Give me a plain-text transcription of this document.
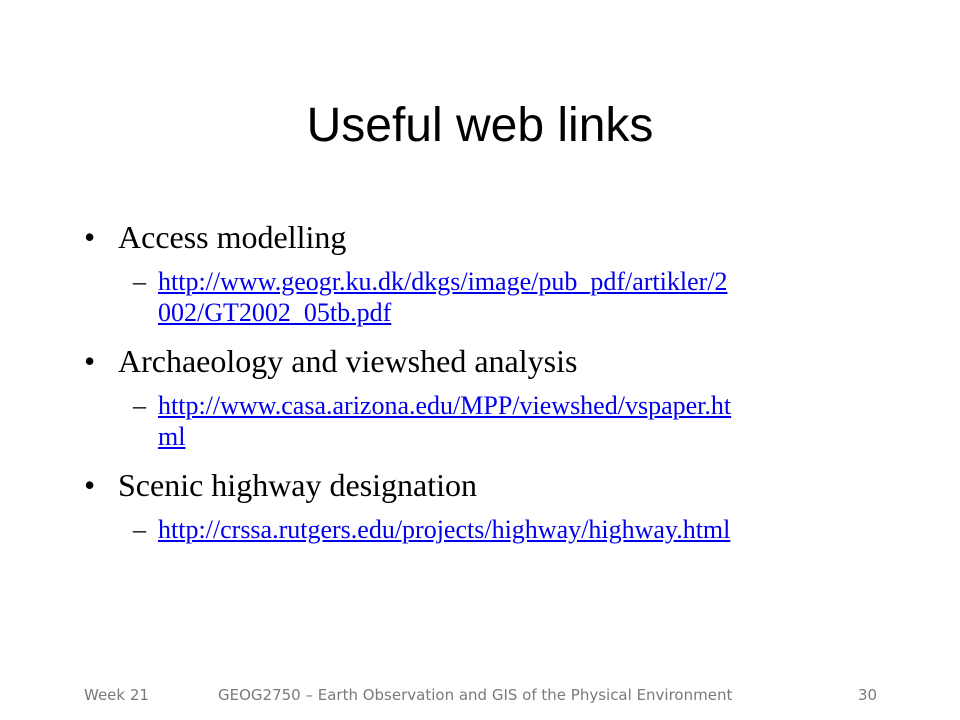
Useful web links
• Access modelling
– http://www.geogr.ku.dk/dkgs/image/pub_pdf/artikler/2
002/GT2002_05tb.pdf
• Archaeology and viewshed analysis
– http://www.casa.arizona.edu/MPP/viewshed/vspaper.ht
ml
• Scenic highway designation
– http://crssa.rutgers.edu/projects/highway/highway.html
Week 21	GEOG2750 – Earth Observation and GIS of the Physical Environment	30
